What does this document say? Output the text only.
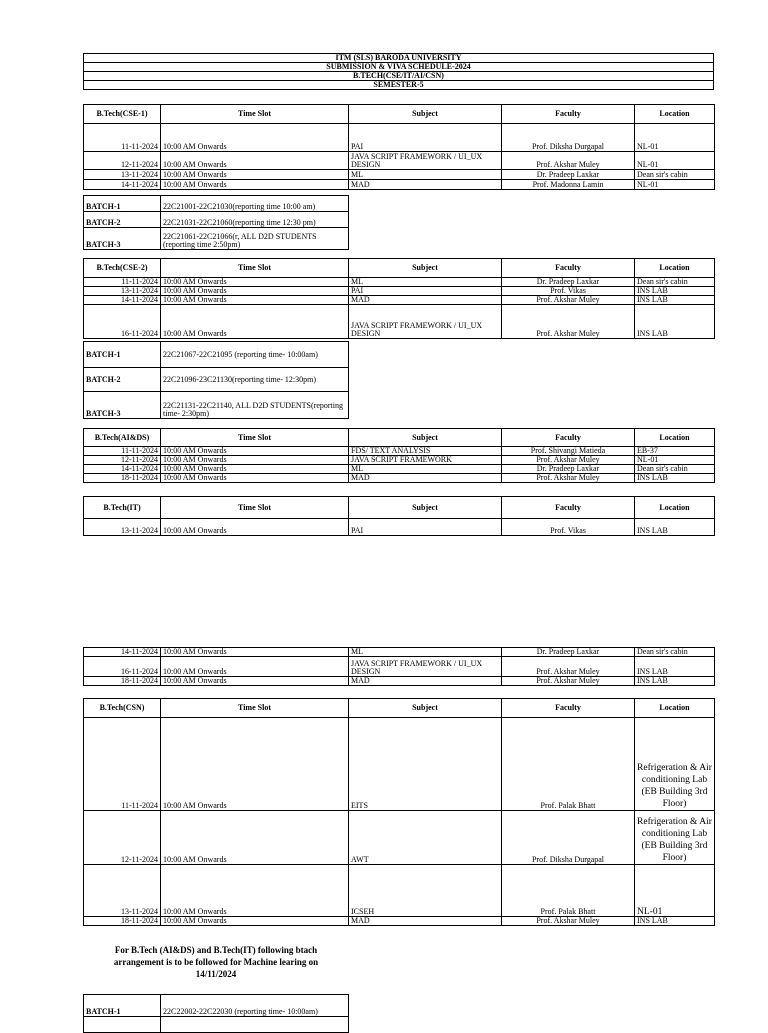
ITM (SLS) BARODA UNIVERSITY
SUBMISSION & VIVA SCHEDULE-2024
B.TECH(CSE/IT/AI/CSN)
SEMESTER-5
B.Tech(CSE-1)	Time Slot	Subject	Faculty	Location
11-11-2024	10:00 AM Onwards	PAI	Prof. Diksha Durgapal	NL-01
12-11-2024	10:00 AM Onwards	JAVA SCRIPT FRAMEWORK / UI_UX DESIGN	Prof. Akshar Muley	NL-01
13-11-2024	10:00 AM Onwards	ML	Dr. Pradeep Laxkar	Dean sir's cabin
14-11-2024	10:00 AM Onwards	MAD	Prof. Madonna Lamin	NL-01
BATCH-1	22C21001-22C21030(reporting time 10:00 am)
BATCH-2	22C21031-22C21060(reporting time 12:30 pm)
BATCH-3	22C21061-22C21066(r, ALL D2D STUDENTS (reporting time 2:50pm)
B.Tech(CSE-2)	Time Slot	Subject	Faculty	Location
11-11-2024	10:00 AM Onwards	ML	Dr. Pradeep Laxkar	Dean sir's cabin
13-11-2024	10:00 AM Onwards	PAI	Prof. Vikas	INS LAB
14-11-2024	10:00 AM Onwards	MAD	Prof. Akshar Muley	INS LAB
16-11-2024	10:00 AM Onwards	JAVA SCRIPT FRAMEWORK / UI_UX DESIGN	Prof. Akshar Muley	INS LAB
BATCH-1	22C21067-22C21095 (reporting time- 10:00am)
BATCH-2	22C21096-23C21130(reporting time- 12:30pm)
BATCH-3	22C21131-22C21140, ALL D2D STUDENTS(reporting time- 2:30pm)
B.Tech(AI&DS)	Time Slot	Subject	Faculty	Location
11-11-2024	10:00 AM Onwards	FDS/ TEXT ANALYSIS	Prof. Shivangi Matieda	EB-37
12-11-2024	10:00 AM Onwards	JAVA SCRIPT FRAMEWORK	Prof. Akshar Muley	NL-01
14-11-2024	10:00 AM Onwards	ML	Dr. Pradeep Laxkar	Dean sir's cabin
18-11-2024	10:00 AM Onwards	MAD	Prof. Akshar Muley	INS LAB
B.Tech(IT)	Time Slot	Subject	Faculty	Location
13-11-2024	10:00 AM Onwards	PAI	Prof. Vikas	INS LAB
14-11-2024	10:00 AM Onwards	ML	Dr. Pradeep Laxkar	Dean sir's cabin
16-11-2024	10:00 AM Onwards	JAVA SCRIPT FRAMEWORK / UI_UX DESIGN	Prof. Akshar Muley	INS LAB
18-11-2024	10:00 AM Onwards	MAD	Prof. Akshar Muley	INS LAB
B.Tech(CSN)	Time Slot	Subject	Faculty	Location
11-11-2024	10:00 AM Onwards	EITS	Prof. Palak Bhatt	Refrigeration & Air conditioning Lab (EB Building 3rd Floor)
12-11-2024	10:00 AM Onwards	AWT	Prof. Diksha Durgapal	Refrigeration & Air conditioning Lab (EB Building 3rd Floor)
13-11-2024	10:00 AM Onwards	ICSEH	Prof. Palak Bhatt	NL-01
18-11-2024	10:00 AM Onwards	MAD	Prof. Akshar Muley	INS LAB
For B.Tech (AI&DS) and B.Tech(IT) following btach arrangement is to be followed for Machine learing on 14/11/2024
BATCH-1	22C22002-22C22030 (reporting time- 10:00am)
